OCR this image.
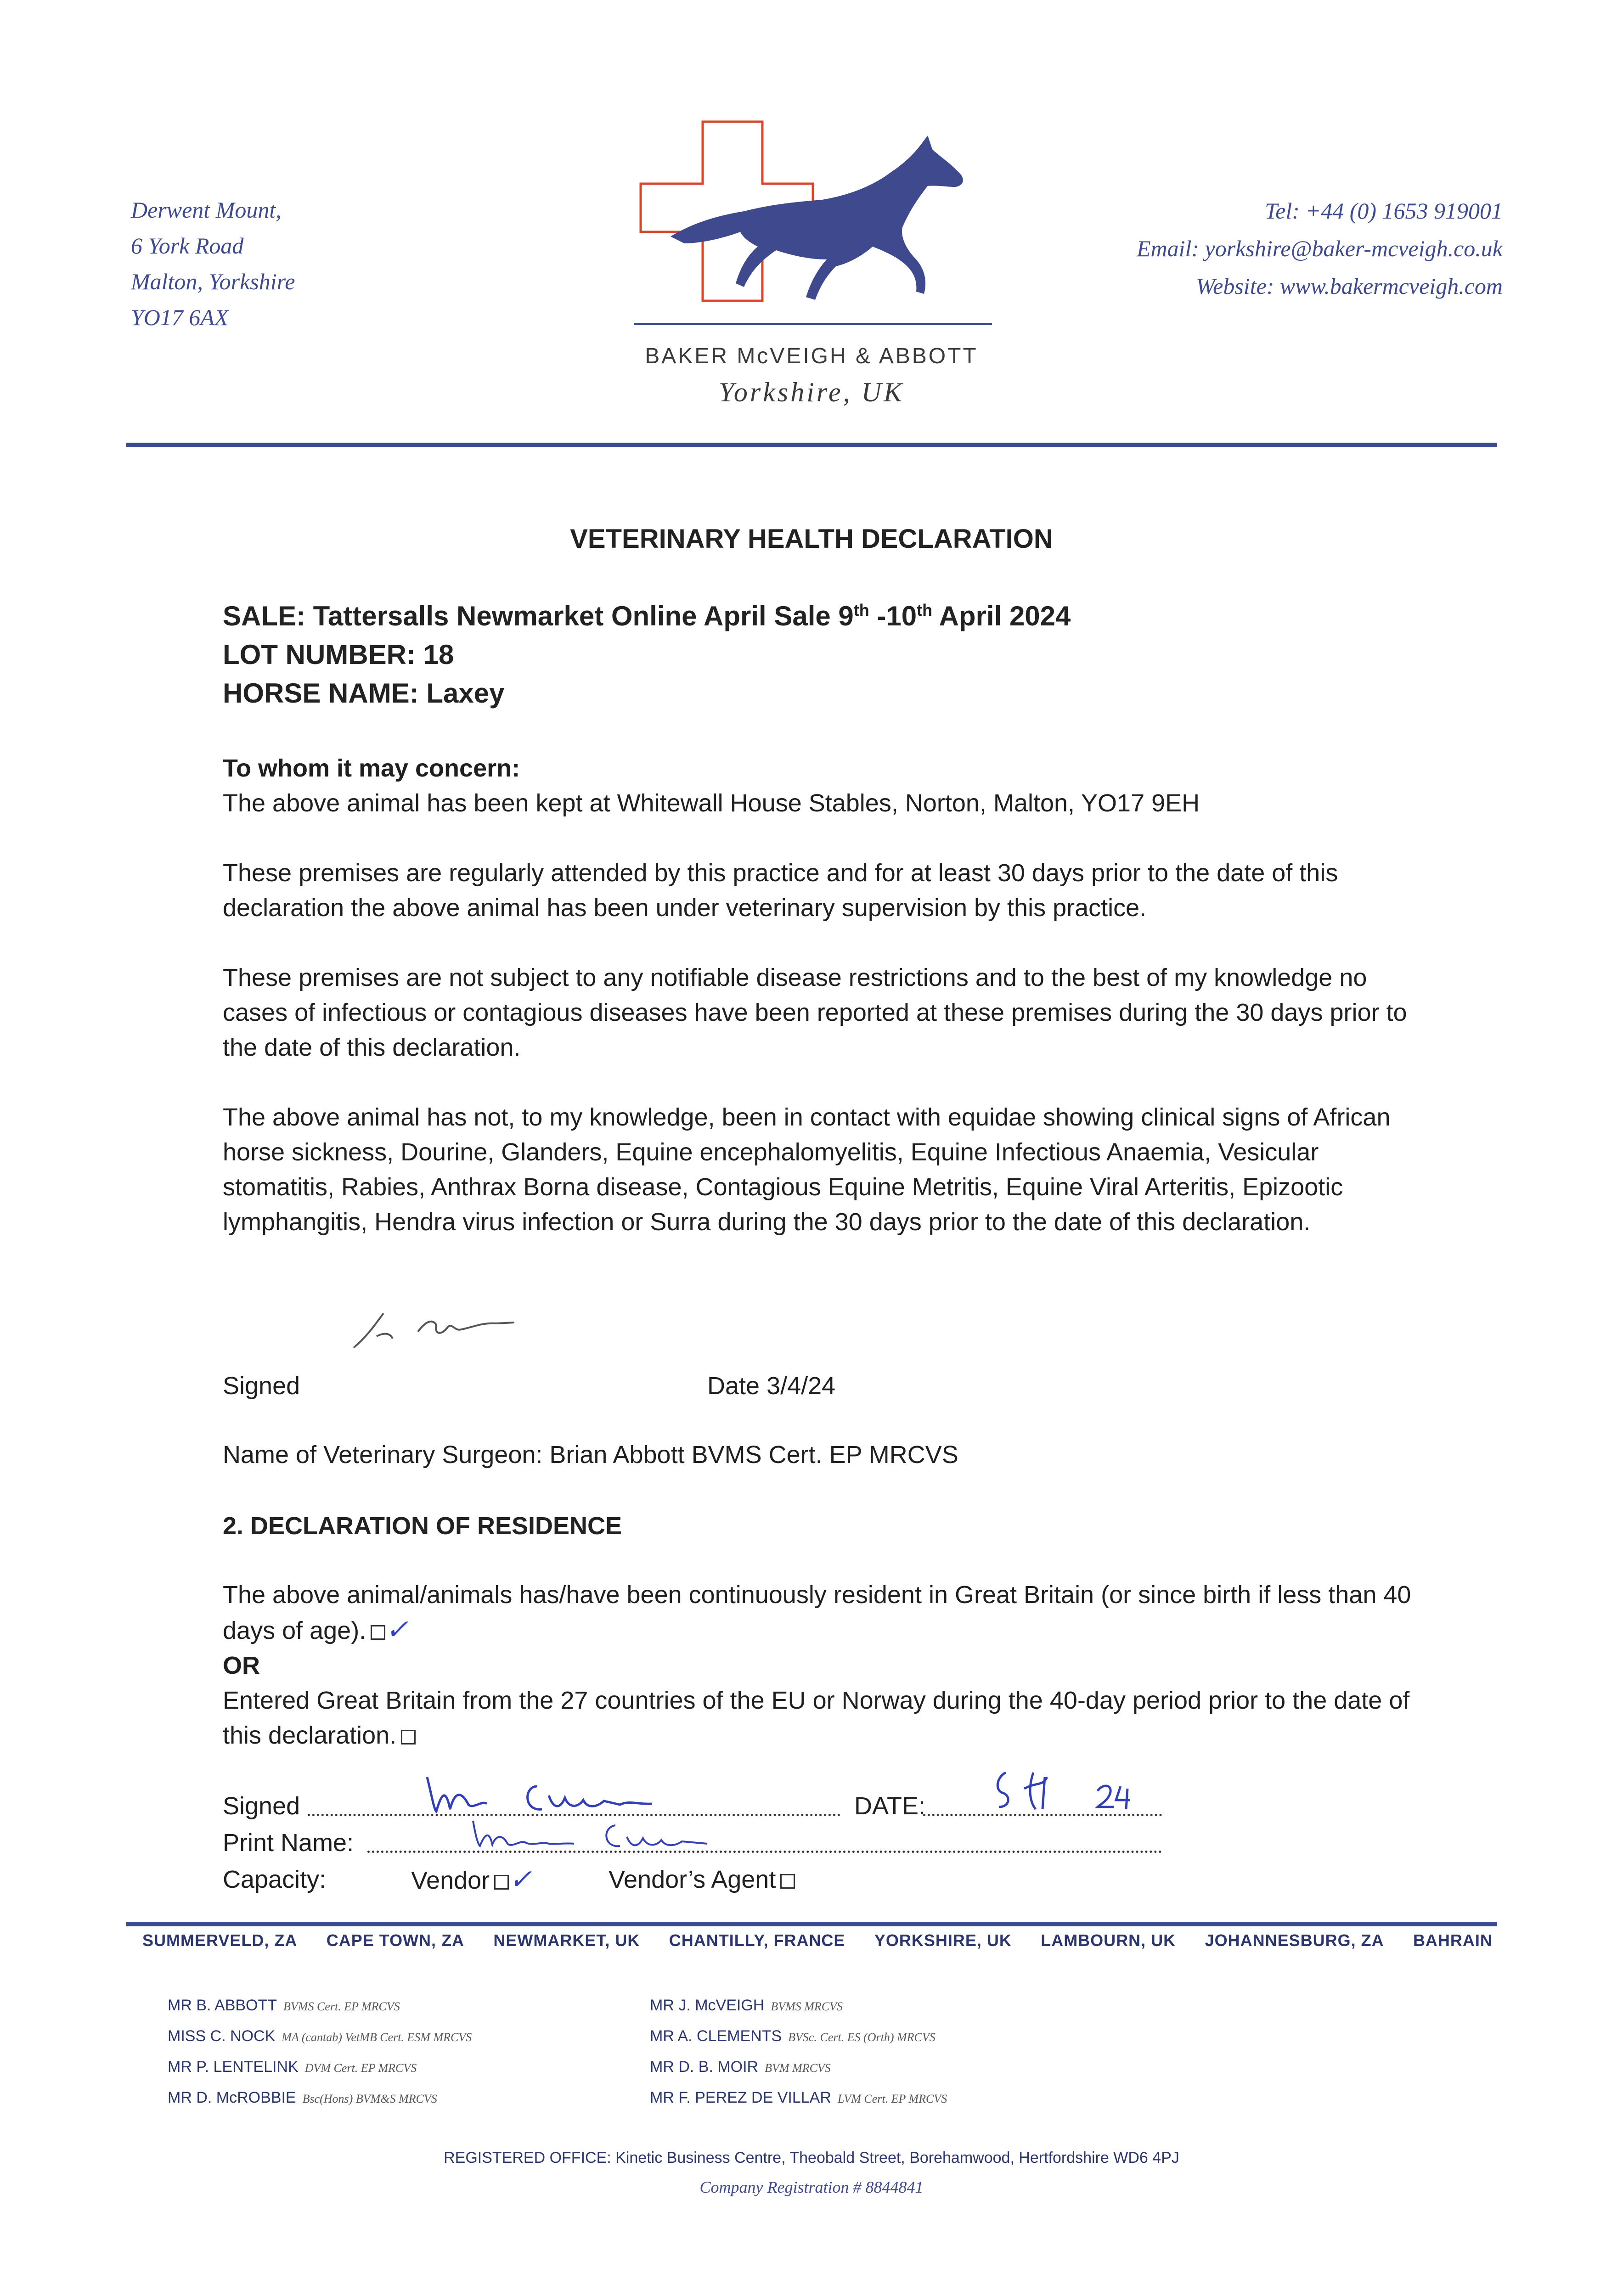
Derwent Mount,
6 York Road
Malton, Yorkshire
YO17 6AX
BAKER McVEIGH & ABBOTT
Yorkshire, UK
Tel: +44 (0) 1653 919001
Email: yorkshire@baker-mcveigh.co.uk
Website: www.bakermcveigh.com
VETERINARY HEALTH DECLARATION
SALE: Tattersalls Newmarket Online April Sale 9th -10th April 2024
LOT NUMBER: 18
HORSE NAME: Laxey
To whom it may concern:
The above animal has been kept at Whitewall House Stables, Norton, Malton, YO17 9EH
These premises are regularly attended by this practice and for at least 30 days prior to the date of this declaration the above animal has been under veterinary supervision by this practice.
These premises are not subject to any notifiable disease restrictions and to the best of my knowledge no cases of infectious or contagious diseases have been reported at these premises during the 30 days prior to the date of this declaration.
The above animal has not, to my knowledge, been in contact with equidae showing clinical signs of African horse sickness, Dourine, Glanders, Equine encephalomyelitis, Equine Infectious Anaemia, Vesicular stomatitis, Rabies, Anthrax Borna disease, Contagious Equine Metritis, Equine Viral Arteritis, Epizootic lymphangitis, Hendra virus infection or Surra during the 30 days prior to the date of this declaration.
Signed	Date 3/4/24
Name of Veterinary Surgeon: Brian Abbott BVMS Cert. EP MRCVS
2. DECLARATION OF RESIDENCE
The above animal/animals has/have been continuously resident in Great Britain (or since birth if less than 40 days of age). ✓
OR
Entered Great Britain from the 27 countries of the EU or Norway during the 40-day period prior to the date of this declaration.
Signed	DATE:
Print Name:
Capacity:	Vendor ✓	Vendor’s Agent
SUMMERVELD, ZA CAPE TOWN, ZA NEWMARKET, UK CHANTILLY, FRANCE YORKSHIRE, UK LAMBOURN, UK JOHANNESBURG, ZA BAHRAIN
MR B. ABBOTT BVMS Cert. EP MRCVS
MISS C. NOCK MA (cantab) VetMB Cert. ESM MRCVS
MR P. LENTELINK DVM Cert. EP MRCVS
MR D. McROBBIE Bsc(Hons) BVM&S MRCVS
MR J. McVEIGH BVMS MRCVS
MR A. CLEMENTS BVSc. Cert. ES (Orth) MRCVS
MR D. B. MOIR BVM MRCVS
MR F. PEREZ DE VILLAR LVM Cert. EP MRCVS
REGISTERED OFFICE: Kinetic Business Centre, Theobald Street, Borehamwood, Hertfordshire WD6 4PJ
Company Registration # 8844841
